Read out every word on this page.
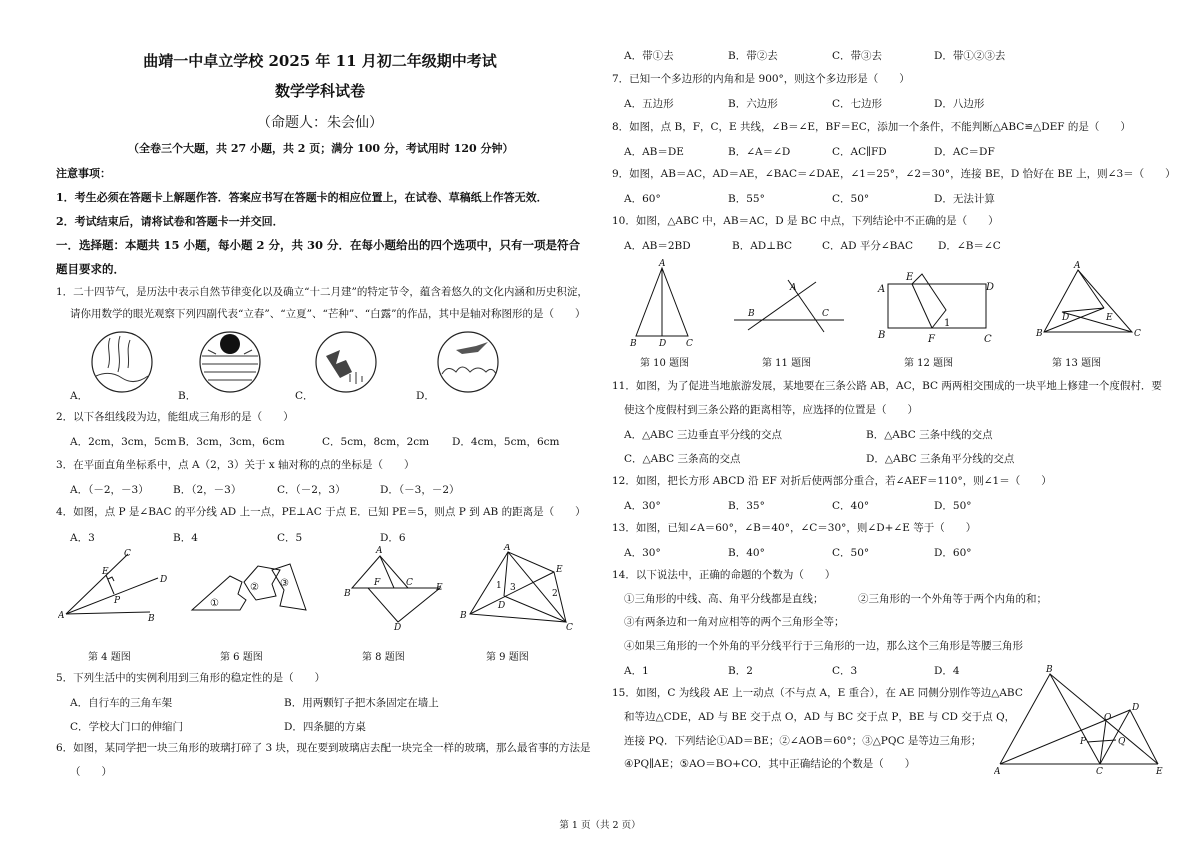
曲靖一中卓立学校 2025 年 11 月初二年级期中考试
数学学科试卷
（命题人：朱会仙）
（全卷三个大题，共 27 小题，共 2 页；满分 100 分，考试用时 120 分钟）
注意事项：
1．考生必须在答题卡上解题作答．答案应书写在答题卡的相应位置上，在试卷、草稿纸上作答无效．
2．考试结束后，请将试卷和答题卡一并交回．
一．选择题：本题共 15 小题，每小题 2 分，共 30 分．在每小题给出的四个选项中，只有一项是符合
题目要求的．
1．二十四节气，是历法中表示自然节律变化以及确立“十二月建”的特定节令，蕴含着悠久的文化内涵和历史积淀，
请你用数学的眼光观察下列四副代表“立春”、“立夏”、“芒种”、“白露”的作品，其中是轴对称图形的是（　　）
A．	B．	C．	D．
2．以下各组线段为边，能组成三角形的是（　　）
A．2cm，3cm，5cm B．3cm，3cm，6cm	C．5cm，8cm，2cm D．4cm，5cm，6cm
3．在平面直角坐标系中，点 A（2，3）关于 x 轴对称的点的坐标是（　　）
A．（－2，－3） B．（2，－3）	C．（－2，3）	D．（－3，－2）
4．如图，点 P 是∠BAC 的平分线 AD 上一点，PE⊥AC 于点 E．已知 PE＝5，则点 P 到 AB 的距离是（　　）
A．3	B．4	C．5	D．6
C
E
D
P
A	B
①
② ③
A
B
F	C	E
D
A
B
C
D
E
1 3
2
第 4 题图	第 6 题图	第 8 题图	第 9 题图
5．下列生活中的实例利用到三角形的稳定性的是（　　）
A．自行车的三角车架	B．用两颗钉子把木条固定在墙上
C．学校大门口的伸缩门	D．四条腿的方桌
6．如图，某同学把一块三角形的玻璃打碎了 3 块，现在要到玻璃店去配一块完全一样的玻璃，那么最省事的方法是
（　　）
A．带①去	B．带②去	C．带③去	D．带①②③去
7．已知一个多边形的内角和是 900°，则这个多边形是（　　）
A．五边形	B．六边形	C．七边形	D．八边形
8．如图，点 B，F，C，E 共线，∠B＝∠E，BF＝EC，添加一个条件，不能判断△ABC≌△DEF 的是（　　）
A．AB＝DE	B．∠A＝∠D	C．AC∥FD	D．AC＝DF
9．如图，AB＝AC，AD＝AE，∠BAC＝∠DAE，∠1＝25°，∠2＝30°，连接 BE，D 恰好在 BE 上，则∠3＝（　　）
A．60°	B．55°	C．50°	D．无法计算
10．如图，△ABC 中，AB＝AC，D 是 BC 中点，下列结论中不正确的是（　　）
A．AB＝2BD	B．AD⊥BC	C．AD 平分∠BAC D．∠B＝∠C
A
B D C
A
B	C
A
E
D
B	F	C
1
A
B	C
D	E
第 10 题图	第 11 题图	第 12 题图	第 13 题图
11．如图，为了促进当地旅游发展，某地要在三条公路 AB，AC，BC 两两相交围成的一块平地上修建一个度假村．要
使这个度假村到三条公路的距离相等，应选择的位置是（　　）
A．△ABC 三边垂直平分线的交点	B．△ABC 三条中线的交点
C．△ABC 三条高的交点	D．△ABC 三条角平分线的交点
12．如图，把长方形 ABCD 沿 EF 对折后使两部分重合，若∠AEF＝110°，则∠1＝（　　）
A．30°	B．35°	C．40°	D．50°
13．如图，已知∠A＝60°，∠B＝40°，∠C＝30°，则∠D+∠E 等于（　　）
A．30°	B．40°	C．50°	D．60°
14．以下说法中，正确的命题的个数为（　　）
①三角形的中线、高、角平分线都是直线；	②三角形的一个外角等于两个内角的和；
③有两条边和一角对应相等的两个三角形全等；
④如果三角形的一个外角的平分线平行于三角形的一边，那么这个三角形是等腰三角形
A．1	B．2	C．3	D．4
15．如图，C 为线段 AE 上一动点（不与点 A，E 重合），在 AE 同侧分别作等边△ABC
和等边△CDE，AD 与 BE 交于点 O，AD 与 BC 交于点 P，BE 与 CD 交于点 Q，
连接 PQ．下列结论①AD＝BE；②∠AOB＝60°；③△PQC 是等边三角形；
④PQ∥AE；⑤AO＝BO+CO．其中正确结论的个数是（　　）
B
D
O
P	Q
A	C	E
第 1 页（共 2 页）
